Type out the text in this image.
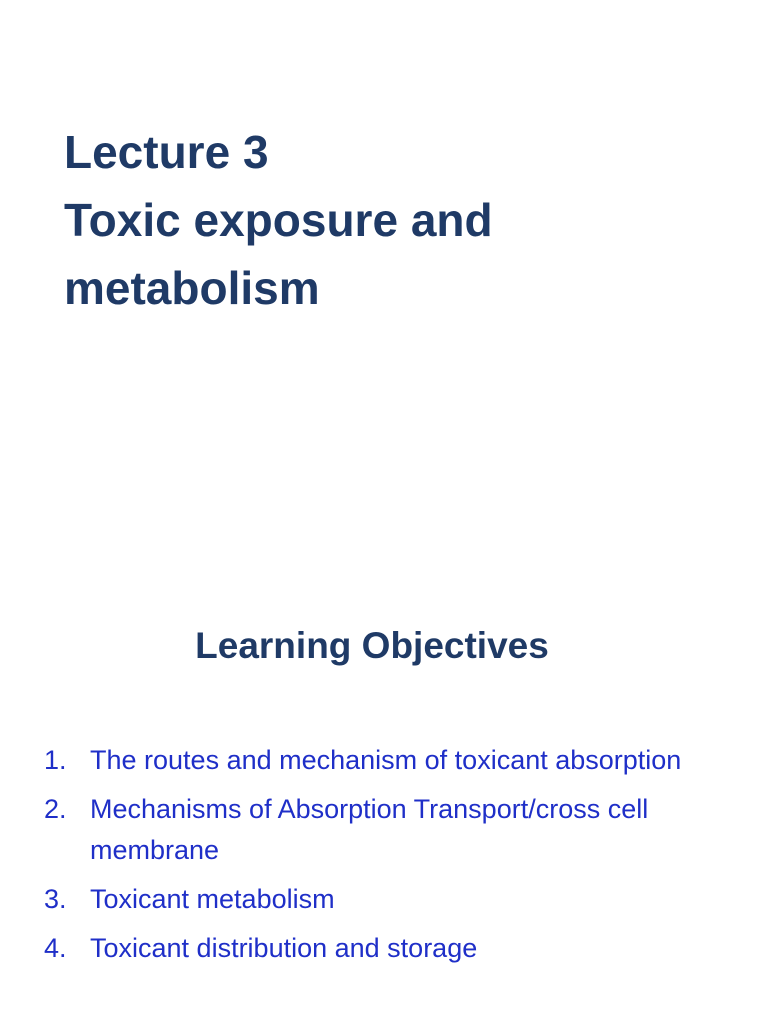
Lecture 3
Toxic exposure and
metabolism
Learning Objectives
1. The routes and mechanism of toxicant absorption
2. Mechanisms of Absorption Transport/cross cell membrane
3. Toxicant metabolism
4. Toxicant distribution and storage
